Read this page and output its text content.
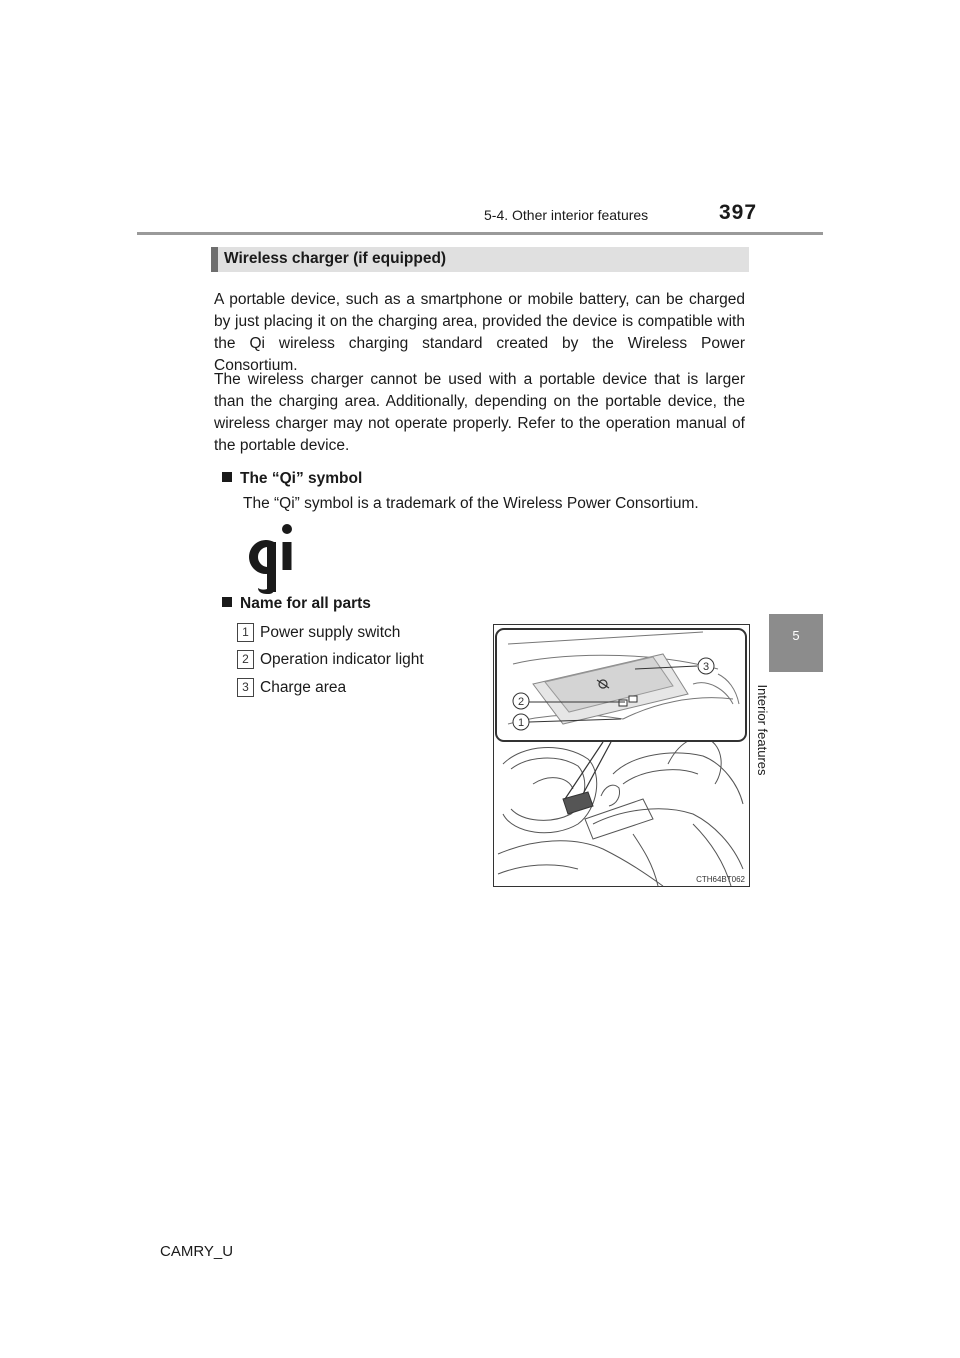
5-4. Other interior features	397
5
Interior features
Wireless charger (if equipped)
A portable device, such as a smartphone or mobile battery, can be charged by just placing it on the charging area, provided the device is compatible with the Qi wireless charging standard created by the Wireless Power Consortium.
The wireless charger cannot be used with a portable device that is larger than the charging area. Additionally, depending on the portable device, the wireless charger may not operate properly. Refer to the operation manual of the portable device.
The “Qi” symbol
The “Qi” symbol is a trademark of the Wireless Power Consortium.
Name for all parts
1 Power supply switch
2 Operation indicator light
3 Charge area
3
2
1
CTH64BT062
CAMRY_U
